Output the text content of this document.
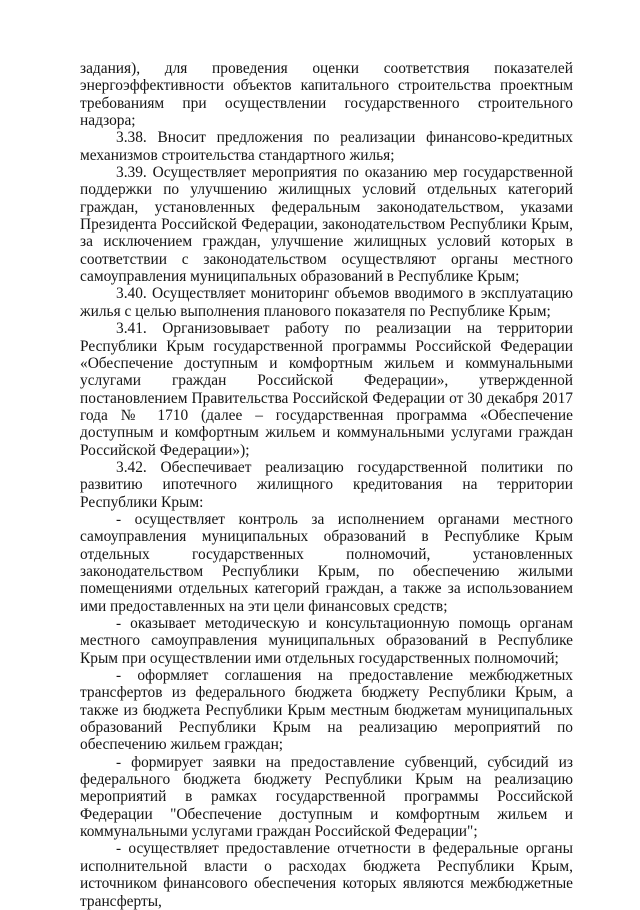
задания), для проведения оценки соответствия показателей энергоэффективности объектов капитального строительства проектным требованиям при осуществлении государственного строительного надзора;

3.38. Вносит предложения по реализации финансово-кредитных механизмов строительства стандартного жилья;

3.39. Осуществляет мероприятия по оказанию мер государственной поддержки по улучшению жилищных условий отдельных категорий граждан, установленных федеральным законодательством, указами Президента Российской Федерации, законодательством Республики Крым, за исключением граждан, улучшение жилищных условий которых в соответствии с законодательством осуществляют органы местного самоуправления муниципальных образований в Республике Крым;

3.40. Осуществляет мониторинг объемов вводимого в эксплуатацию жилья с целью выполнения планового показателя по Республике Крым;

3.41. Организовывает работу по реализации на территории Республики Крым государственной программы Российской Федерации «Обеспечение доступным и комфортным жильем и коммунальными услугами граждан Российской Федерации», утвержденной постановлением Правительства Российской Федерации от 30 декабря 2017 года № 1710 (далее – государственная программа «Обеспечение доступным и комфортным жильем и коммунальными услугами граждан Российской Федерации»);

3.42. Обеспечивает реализацию государственной политики по развитию ипотечного жилищного кредитования на территории Республики Крым:

- осуществляет контроль за исполнением органами местного самоуправления муниципальных образований в Республике Крым отдельных государственных полномочий, установленных законодательством Республики Крым, по обеспечению жилыми помещениями отдельных категорий граждан, а также за использованием ими предоставленных на эти цели финансовых средств;

- оказывает методическую и консультационную помощь органам местного самоуправления муниципальных образований в Республике Крым при осуществлении ими отдельных государственных полномочий;

- оформляет соглашения на предоставление межбюджетных трансфертов из федерального бюджета бюджету Республики Крым, а также из бюджета Республики Крым местным бюджетам муниципальных образований Республики Крым на реализацию мероприятий по обеспечению жильем граждан;

- формирует заявки на предоставление субвенций, субсидий из федерального бюджета бюджету Республики Крым на реализацию мероприятий в рамках государственной программы Российской Федерации "Обеспечение доступным и комфортным жильем и коммунальными услугами граждан Российской Федерации";

- осуществляет предоставление отчетности в федеральные органы исполнительной власти о расходах бюджета Республики Крым, источником финансового обеспечения которых являются межбюджетные трансферты,
